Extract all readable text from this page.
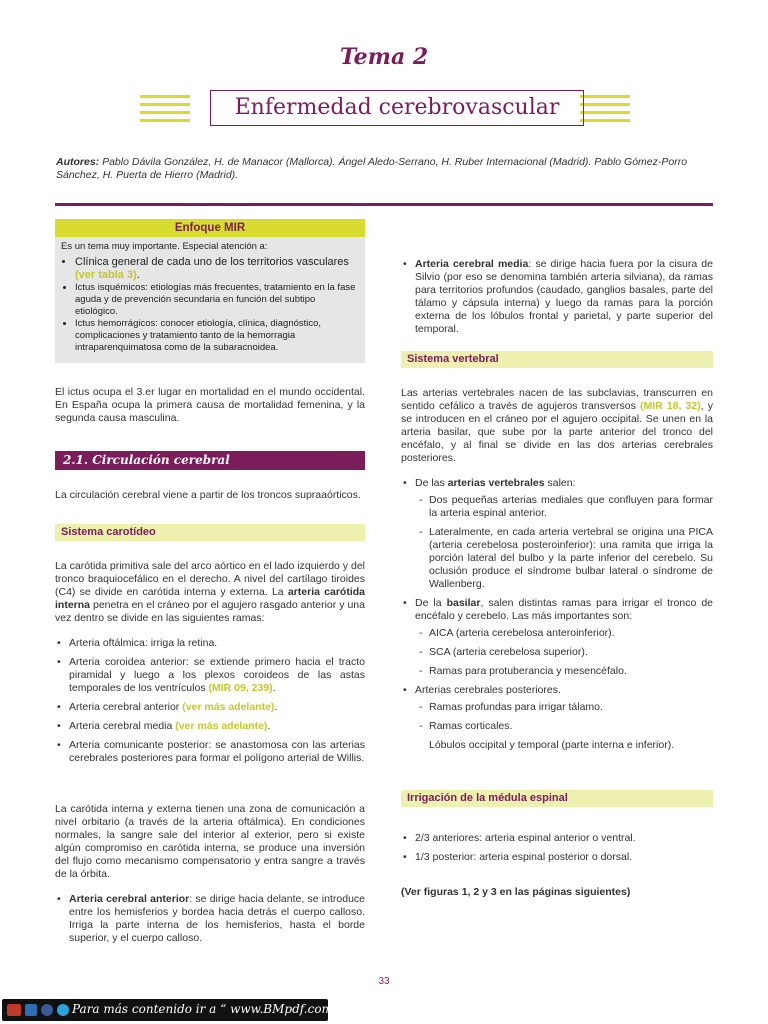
Tema 2
Enfermedad cerebrovascular
Autores: Pablo Dávila González, H. de Manacor (Mallorca). Ángel Aledo-Serrano, H. Ruber Internacional (Madrid). Pablo Gómez-Porro Sánchez, H. Puerta de Hierro (Madrid).
Enfoque MIR
Es un tema muy importante. Especial atención a:
• Clínica general de cada uno de los territorios vasculares (ver tabla 3).
• Ictus isquémicos: etiologías más frecuentes, tratamiento en la fase aguda y de prevención secundaria en función del subtipo etiológico.
• Ictus hemorrágicos: conocer etiología, clínica, diagnóstico, complicaciones y tratamiento tanto de la hemorragia intraparenquimatosa como de la subaracnoidea.
El ictus ocupa el 3.er lugar en mortalidad en el mundo occidental. En España ocupa la primera causa de mortalidad femenina, y la segunda causa masculina.
2.1. Circulación cerebral
La circulación cerebral viene a partir de los troncos supraaórticos.
Sistema carotídeo
La carótida primitiva sale del arco aórtico en el lado izquierdo y del tronco braquiocefálico en el derecho. A nivel del cartílago tiroides (C4) se divide en carótida interna y externa. La arteria carótida interna penetra en el cráneo por el agujero rasgado anterior y una vez dentro se divide en las siguientes ramas:
• Arteria oftálmica: irriga la retina.
• Arteria coroidea anterior: se extiende primero hacia el tracto piramidal y luego a los plexos coroideos de las astas temporales de los ventrículos (MIR 09, 239).
• Arteria cerebral anterior (ver más adelante).
• Arteria cerebral media (ver más adelante).
• Arteria comunicante posterior: se anastomosa con las arterias cerebrales posteriores para formar el polígono arterial de Willis.
La carótida interna y externa tienen una zona de comunicación a nivel orbitario (a través de la arteria oftálmica). En condiciones normales, la sangre sale del interior al exterior, pero si existe algún compromiso en carótida interna, se produce una inversión del flujo como mecanismo compensatorio y entra sangre a través de la órbita.
• Arteria cerebral anterior: se dirige hacia delante, se introduce entre los hemisferios y bordea hacia detrás el cuerpo calloso. Irriga la parte interna de los hemisferios, hasta el borde superior, y el cuerpo calloso.
• Arteria cerebral media: se dirige hacia fuera por la cisura de Silvio (por eso se denomina también arteria silviana), da ramas para territorios profundos (caudado, ganglios basales, parte del tálamo y cápsula interna) y luego da ramas para la porción externa de los lóbulos frontal y parietal, y parte superior del temporal.
Sistema vertebral
Las arterias vertebrales nacen de las subclavias, transcurren en sentido cefálico a través de agujeros transversos (MIR 18, 32), y se introducen en el cráneo por el agujero occipital. Se unen en la arteria basilar, que sube por la parte anterior del tronco del encéfalo, y al final se divide en las dos arterias cerebrales posteriores.
• De las arterias vertebrales salen:
- Dos pequeñas arterias mediales que confluyen para formar la arteria espinal anterior.
- Lateralmente, en cada arteria vertebral se origina una PICA (arteria cerebelosa posteroinferior): una ramita que irriga la porción lateral del bulbo y la parte inferior del cerebelo. Su oclusión produce el síndrome bulbar lateral o síndrome de Wallenberg.
• De la basilar, salen distintas ramas para irrigar el tronco de encéfalo y cerebelo. Las más importantes son:
- AICA (arteria cerebelosa anteroinferior).
- SCA (arteria cerebelosa superior).
- Ramas para protuberancia y mesencéfalo.
• Arterias cerebrales posteriores.
- Ramas profundas para irrigar tálamo.
- Ramas corticales.
Lóbulos occipital y temporal (parte interna e inferior).
Irrigación de la médula espinal
• 2/3 anteriores: arteria espinal anterior o ventral.
• 1/3 posterior: arteria espinal posterior o dorsal.
(Ver figuras 1, 2 y 3 en las páginas siguientes)
33
Para más contenido ir a “ www.BMpdf.com ”
